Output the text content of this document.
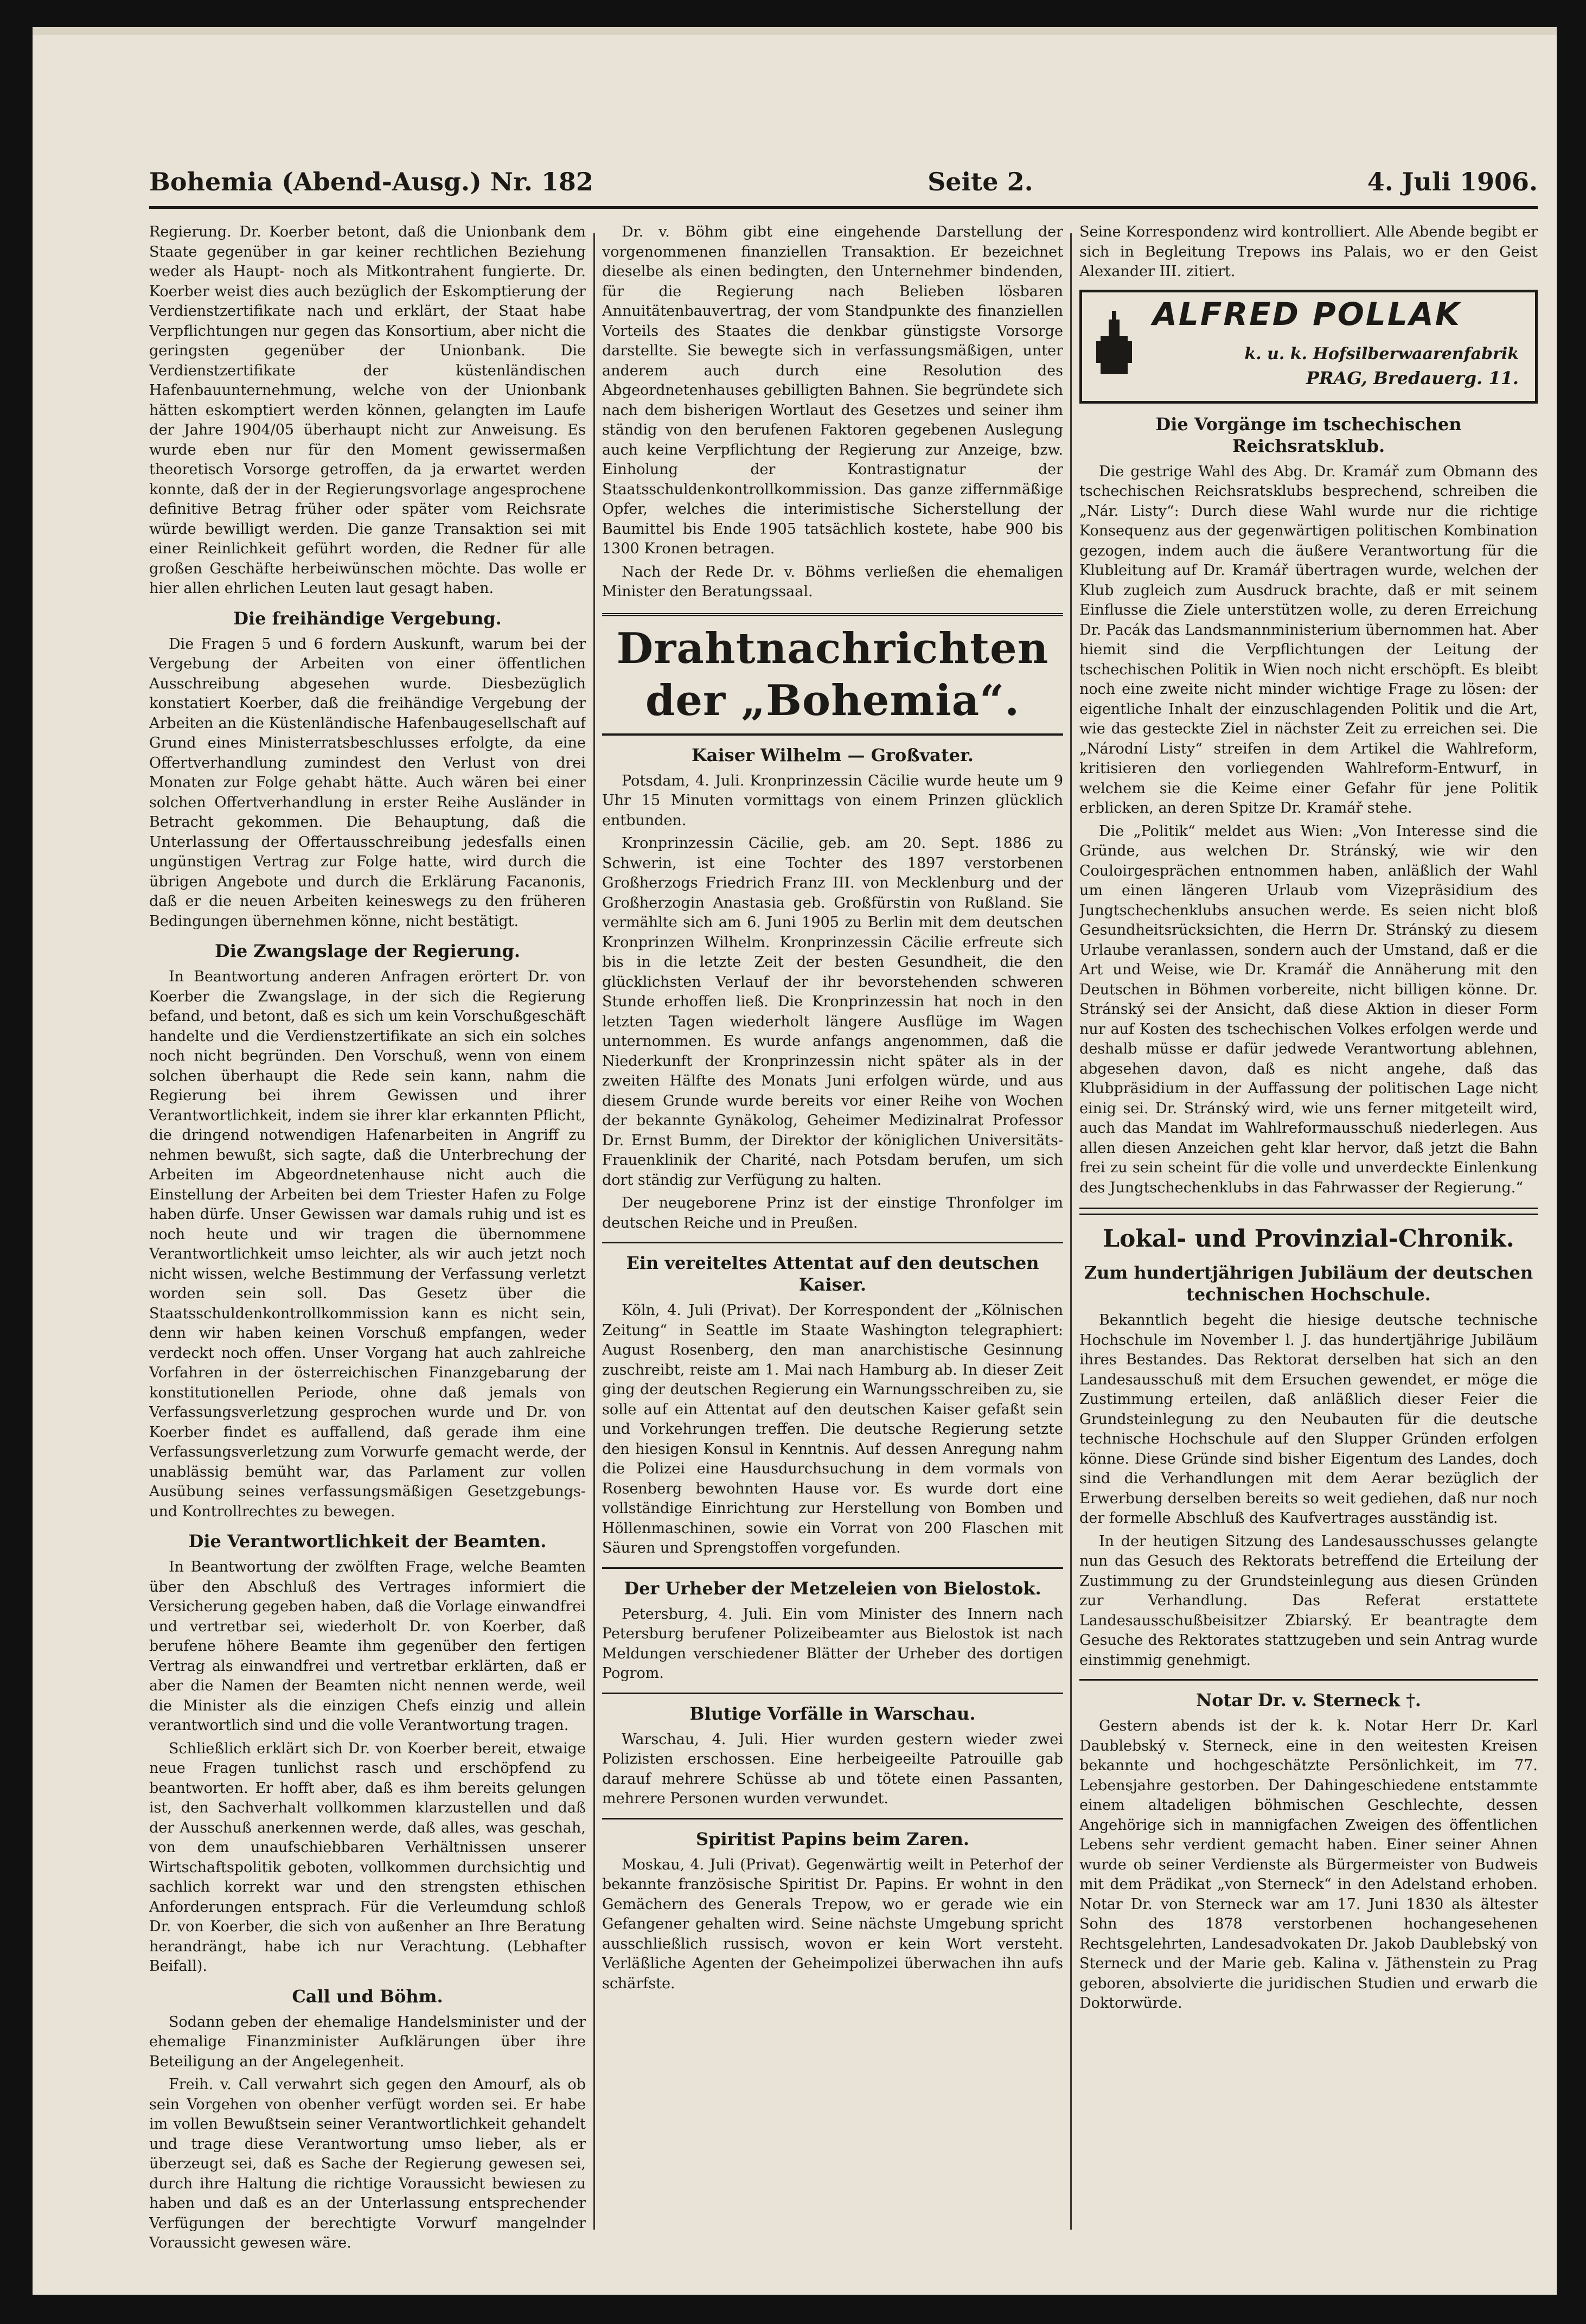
Bohemia (Abend-Ausg.) Nr. 182	Seite 2.	4. Juli 1906.

Regierung. Dr. Koerber betont, daß die Unionbank dem Staate gegenüber in gar keiner rechtlichen Beziehung weder als Haupt- noch als Mitkontrahent fungierte. Dr. Koerber weist dies auch bezüglich der Eskomptierung der Verdienstzertifikate nach und erklärt, der Staat habe Verpflichtungen nur gegen das Konsortium, aber nicht die geringsten gegenüber der Unionbank. Die Verdienstzertifikate der küstenländischen Hafenbauunternehmung, welche von der Unionbank hätten eskomptiert werden können, gelangten im Laufe der Jahre 1904/05 überhaupt nicht zur Anweisung. Es wurde eben nur für den Moment gewissermaßen theoretisch Vorsorge getroffen, da ja erwartet werden konnte, daß der in der Regierungsvorlage angesprochene definitive Betrag früher oder später vom Reichsrate würde bewilligt werden. Die ganze Transaktion sei mit einer Reinlichkeit geführt worden, die Redner für alle großen Geschäfte herbeiwünschen möchte. Das wolle er hier allen ehrlichen Leuten laut gesagt haben.

Die freihändige Vergebung.

Die Fragen 5 und 6 fordern Auskunft, warum bei der Vergebung der Arbeiten von einer öffentlichen Ausschreibung abgesehen wurde. Diesbezüglich konstatiert Koerber, daß die freihändige Vergebung der Arbeiten an die Küstenländische Hafenbaugesellschaft auf Grund eines Ministerratsbeschlusses erfolgte, da eine Offertverhandlung zumindest den Verlust von drei Monaten zur Folge gehabt hätte. Auch wären bei einer solchen Offertverhandlung in erster Reihe Ausländer in Betracht gekommen. Die Behauptung, daß die Unterlassung der Offertausschreibung jedesfalls einen ungünstigen Vertrag zur Folge hatte, wird durch die übrigen Angebote und durch die Erklärung Facanonis, daß er die neuen Arbeiten keineswegs zu den früheren Bedingungen übernehmen könne, nicht bestätigt.

Die Zwangslage der Regierung.

In Beantwortung anderen Anfragen erörtert Dr. von Koerber die Zwangslage, in der sich die Regierung befand, und betont, daß es sich um kein Vorschußgeschäft handelte und die Verdienstzertifikate an sich ein solches noch nicht begründen. Den Vorschuß, wenn von einem solchen überhaupt die Rede sein kann, nahm die Regierung bei ihrem Gewissen und ihrer Verantwortlichkeit, indem sie ihrer klar erkannten Pflicht, die dringend notwendigen Hafenarbeiten in Angriff zu nehmen bewußt, sich sagte, daß die Unterbrechung der Arbeiten im Abgeordnetenhause nicht auch die Einstellung der Arbeiten bei dem Triester Hafen zu Folge haben dürfe. Unser Gewissen war damals ruhig und ist es noch heute und wir tragen die übernommene Verantwortlichkeit umso leichter, als wir auch jetzt noch nicht wissen, welche Bestimmung der Verfassung verletzt worden sein soll. Das Gesetz über die Staatsschuldenkontrollkommission kann es nicht sein, denn wir haben keinen Vorschuß empfangen, weder verdeckt noch offen. Unser Vorgang hat auch zahlreiche Vorfahren in der österreichischen Finanzgebarung der konstitutionellen Periode, ohne daß jemals von Verfassungsverletzung gesprochen wurde und Dr. von Koerber findet es auffallend, daß gerade ihm eine Verfassungsverletzung zum Vorwurfe gemacht werde, der unablässig bemüht war, das Parlament zur vollen Ausübung seines verfassungsmäßigen Gesetzgebungs- und Kontrollrechtes zu bewegen.

Die Verantwortlichkeit der Beamten.

In Beantwortung der zwölften Frage, welche Beamten über den Abschluß des Vertrages informiert die Versicherung gegeben haben, daß die Vorlage einwandfrei und vertretbar sei, wiederholt Dr. von Koerber, daß berufene höhere Beamte ihm gegenüber den fertigen Vertrag als einwandfrei und vertretbar erklärten, daß er aber die Namen der Beamten nicht nennen werde, weil die Minister als die einzigen Chefs einzig und allein verantwortlich sind und die volle Verantwortung tragen.

Schließlich erklärt sich Dr. von Koerber bereit, etwaige neue Fragen tunlichst rasch und erschöpfend zu beantworten. Er hofft aber, daß es ihm bereits gelungen ist, den Sachverhalt vollkommen klarzustellen und daß der Ausschuß anerkennen werde, daß alles, was geschah, von dem unaufschiebbaren Verhältnissen unserer Wirtschaftspolitik geboten, vollkommen durchsichtig und sachlich korrekt war und den strengsten ethischen Anforderungen entsprach. Für die Verleumdung schloß Dr. von Koerber, die sich von außenher an Ihre Beratung herandrängt, habe ich nur Verachtung. (Lebhafter Beifall).

Call und Böhm.

Sodann geben der ehemalige Handelsminister und der ehemalige Finanzminister Aufklärungen über ihre Beteiligung an der Angelegenheit.

Freih. v. Call verwahrt sich gegen den Amourf, als ob sein Vorgehen von obenher verfügt worden sei. Er habe im vollen Bewußtsein seiner Verantwortlichkeit gehandelt und trage diese Verantwortung umso lieber, als er überzeugt sei, daß es Sache der Regierung gewesen sei, durch ihre Haltung die richtige Voraussicht bewiesen zu haben und daß es an der Unterlassung entsprechender Verfügungen der berechtigte Vorwurf mangelnder Voraussicht gewesen wäre.

Dr. v. Böhm gibt eine eingehende Darstellung der vorgenommenen finanziellen Transaktion. Er bezeichnet dieselbe als einen bedingten, den Unternehmer bindenden, für die Regierung nach Belieben lösbaren Annuitätenbauvertrag, der vom Standpunkte des finanziellen Vorteils des Staates die denkbar günstigste Vorsorge darstellte. Sie bewegte sich in verfassungsmäßigen, unter anderem auch durch eine Resolution des Abgeordnetenhauses gebilligten Bahnen. Sie begründete sich nach dem bisherigen Wortlaut des Gesetzes und seiner ihm ständig von den berufenen Faktoren gegebenen Auslegung auch keine Verpflichtung der Regierung zur Anzeige, bzw. Einholung der Kontrastignatur der Staatsschuldenkontrollkommission. Das ganze ziffernmäßige Opfer, welches die interimistische Sicherstellung der Baumittel bis Ende 1905 tatsächlich kostete, habe 900 bis 1300 Kronen betragen.

Nach der Rede Dr. v. Böhms verließen die ehemaligen Minister den Beratungssaal.

Drahtnachrichten der „Bohemia“.
Kaiser Wilhelm — Großvater.

Potsdam, 4. Juli. Kronprinzessin Cäcilie wurde heute um 9 Uhr 15 Minuten vormittags von einem Prinzen glücklich entbunden.

Kronprinzessin Cäcilie, geb. am 20. Sept. 1886 zu Schwerin, ist eine Tochter des 1897 verstorbenen Großherzogs Friedrich Franz III. von Mecklenburg und der Großherzogin Anastasia geb. Großfürstin von Rußland. Sie vermählte sich am 6. Juni 1905 zu Berlin mit dem deutschen Kronprinzen Wilhelm. Kronprinzessin Cäcilie erfreute sich bis in die letzte Zeit der besten Gesundheit, die den glücklichsten Verlauf der ihr bevorstehenden schweren Stunde erhoffen ließ. Die Kronprinzessin hat noch in den letzten Tagen wiederholt längere Ausflüge im Wagen unternommen. Es wurde anfangs angenommen, daß die Niederkunft der Kronprinzessin nicht später als in der zweiten Hälfte des Monats Juni erfolgen würde, und aus diesem Grunde wurde bereits vor einer Reihe von Wochen der bekannte Gynäkolog, Geheimer Medizinalrat Professor Dr. Ernst Bumm, der Direktor der königlichen Universitäts-Frauenklinik der Charité, nach Potsdam berufen, um sich dort ständig zur Verfügung zu halten.

Der neugeborene Prinz ist der einstige Thronfolger im deutschen Reiche und in Preußen.

Ein vereiteltes Attentat auf den deutschen Kaiser.

Köln, 4. Juli (Privat). Der Korrespondent der „Kölnischen Zeitung“ in Seattle im Staate Washington telegraphiert: August Rosenberg, den man anarchistische Gesinnung zuschreibt, reiste am 1. Mai nach Hamburg ab. In dieser Zeit ging der deutschen Regierung ein Warnungsschreiben zu, sie solle auf ein Attentat auf den deutschen Kaiser gefaßt sein und Vorkehrungen treffen. Die deutsche Regierung setzte den hiesigen Konsul in Kenntnis. Auf dessen Anregung nahm die Polizei eine Hausdurchsuchung in dem vormals von Rosenberg bewohnten Hause vor. Es wurde dort eine vollständige Einrichtung zur Herstellung von Bomben und Höllenmaschinen, sowie ein Vorrat von 200 Flaschen mit Säuren und Sprengstoffen vorgefunden.

Der Urheber der Metzeleien von Bielostok.

Petersburg, 4. Juli. Ein vom Minister des Innern nach Petersburg berufener Polizeibeamter aus Bielostok ist nach Meldungen verschiedener Blätter der Urheber des dortigen Pogrom.

Blutige Vorfälle in Warschau.

Warschau, 4. Juli. Hier wurden gestern wieder zwei Polizisten erschossen. Eine herbeigeeilte Patrouille gab darauf mehrere Schüsse ab und tötete einen Passanten, mehrere Personen wurden verwundet.

Spiritist Papins beim Zaren.

Moskau, 4. Juli (Privat). Gegenwärtig weilt in Peterhof der bekannte französische Spiritist Dr. Papins. Er wohnt in den Gemächern des Generals Trepow, wo er gerade wie ein Gefangener gehalten wird. Seine nächste Umgebung spricht ausschließlich russisch, wovon er kein Wort versteht. Verläßliche Agenten der Geheimpolizei überwachen ihn aufs schärfste.

Seine Korrespondenz wird kontrolliert. Alle Abende begibt er sich in Begleitung Trepows ins Palais, wo er den Geist Alexander III. zitiert.

ALFRED POLLAK
k. u. k. Hofsilberwaarenfabrik
PRAG, Bredauerg. 11.
Die Vorgänge im tschechischen Reichsratsklub.

Die gestrige Wahl des Abg. Dr. Kramář zum Obmann des tschechischen Reichsratsklubs besprechend, schreiben die „Nár. Listy“: Durch diese Wahl wurde nur die richtige Konsequenz aus der gegenwärtigen politischen Kombination gezogen, indem auch die äußere Verantwortung für die Klubleitung auf Dr. Kramář übertragen wurde, welchen der Klub zugleich zum Ausdruck brachte, daß er mit seinem Einflusse die Ziele unterstützen wolle, zu deren Erreichung Dr. Pacák das Landsmannministerium übernommen hat. Aber hiemit sind die Verpflichtungen der Leitung der tschechischen Politik in Wien noch nicht erschöpft. Es bleibt noch eine zweite nicht minder wichtige Frage zu lösen: der eigentliche Inhalt der einzuschlagenden Politik und die Art, wie das gesteckte Ziel in nächster Zeit zu erreichen sei. Die „Národní Listy“ streifen in dem Artikel die Wahlreform, kritisieren den vorliegenden Wahlreform-Entwurf, in welchem sie die Keime einer Gefahr für jene Politik erblicken, an deren Spitze Dr. Kramář stehe.

Die „Politik“ meldet aus Wien: „Von Interesse sind die Gründe, aus welchen Dr. Stránský, wie wir den Couloirgesprächen entnommen haben, anläßlich der Wahl um einen längeren Urlaub vom Vizepräsidium des Jungtschechenklubs ansuchen werde. Es seien nicht bloß Gesundheitsrücksichten, die Herrn Dr. Stránský zu diesem Urlaube veranlassen, sondern auch der Umstand, daß er die Art und Weise, wie Dr. Kramář die Annäherung mit den Deutschen in Böhmen vorbereite, nicht billigen könne. Dr. Stránský sei der Ansicht, daß diese Aktion in dieser Form nur auf Kosten des tschechischen Volkes erfolgen werde und deshalb müsse er dafür jedwede Verantwortung ablehnen, abgesehen davon, daß es nicht angehe, daß das Klubpräsidium in der Auffassung der politischen Lage nicht einig sei. Dr. Stránský wird, wie uns ferner mitgeteilt wird, auch das Mandat im Wahlreformausschuß niederlegen. Aus allen diesen Anzeichen geht klar hervor, daß jetzt die Bahn frei zu sein scheint für die volle und unverdeckte Einlenkung des Jungtschechenklubs in das Fahrwasser der Regierung.“

Lokal- und Provinzial-Chronik.
Zum hundertjährigen Jubiläum der deutschen technischen Hochschule.

Bekanntlich begeht die hiesige deutsche technische Hochschule im November l. J. das hundertjährige Jubiläum ihres Bestandes. Das Rektorat derselben hat sich an den Landesausschuß mit dem Ersuchen gewendet, er möge die Zustimmung erteilen, daß anläßlich dieser Feier die Grundsteinlegung zu den Neubauten für die deutsche technische Hochschule auf den Slupper Gründen erfolgen könne. Diese Gründe sind bisher Eigentum des Landes, doch sind die Verhandlungen mit dem Aerar bezüglich der Erwerbung derselben bereits so weit gediehen, daß nur noch der formelle Abschluß des Kaufvertrages ausständig ist.

In der heutigen Sitzung des Landesausschusses gelangte nun das Gesuch des Rektorats betreffend die Erteilung der Zustimmung zu der Grundsteinlegung aus diesen Gründen zur Verhandlung. Das Referat erstattete Landesausschußbeisitzer Zbiarský. Er beantragte dem Gesuche des Rektorates stattzugeben und sein Antrag wurde einstimmig genehmigt.

Notar Dr. v. Sterneck †.

Gestern abends ist der k. k. Notar Herr Dr. Karl Daublebský v. Sterneck, eine in den weitesten Kreisen bekannte und hochgeschätzte Persönlichkeit, im 77. Lebensjahre gestorben. Der Dahingeschiedene entstammte einem altadeligen böhmischen Geschlechte, dessen Angehörige sich in mannigfachen Zweigen des öffentlichen Lebens sehr verdient gemacht haben. Einer seiner Ahnen wurde ob seiner Verdienste als Bürgermeister von Budweis mit dem Prädikat „von Sterneck“ in den Adelstand erhoben. Notar Dr. von Sterneck war am 17. Juni 1830 als ältester Sohn des 1878 verstorbenen hochangesehenen Rechtsgelehrten, Landesadvokaten Dr. Jakob Daublebský von Sterneck und der Marie geb. Kalina v. Jäthenstein zu Prag geboren, absolvierte die juridischen Studien und erwarb die Doktorwürde.
